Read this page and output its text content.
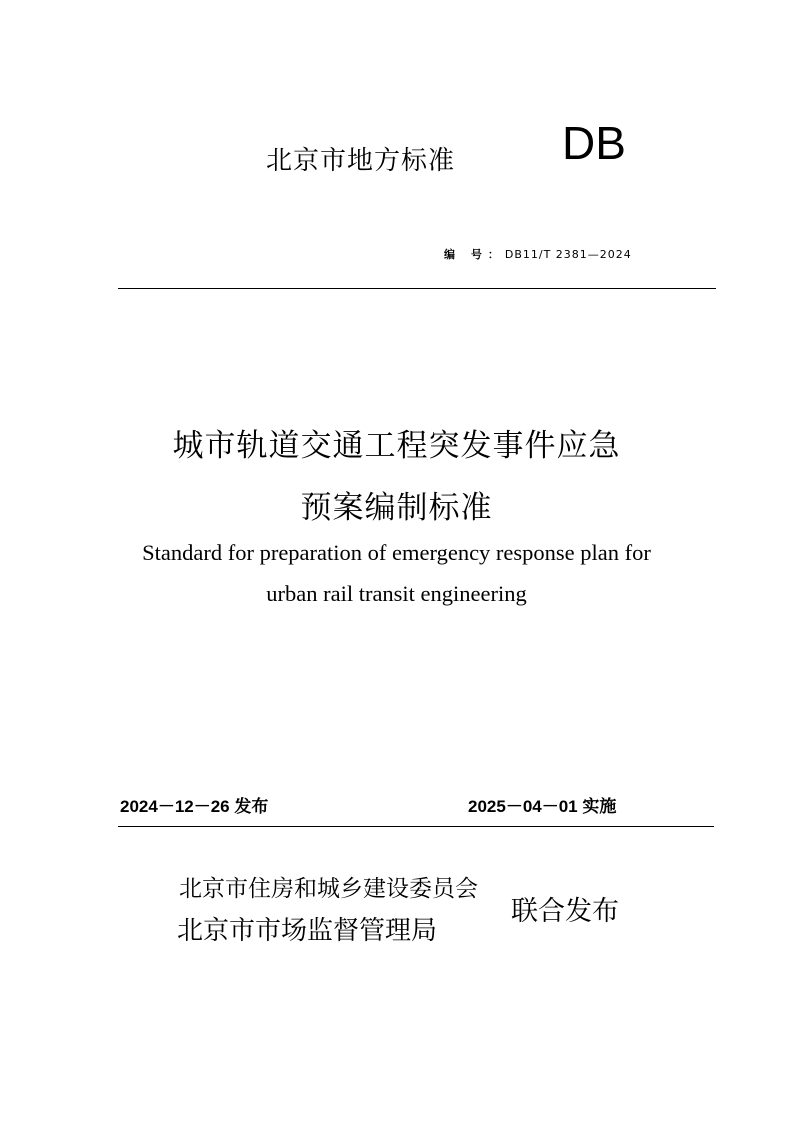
北京市地方标准 DB
编 号：DB11/T 2381—2024
城市轨道交通工程突发事件应急
预案编制标准
Standard for preparation of emergency response plan for
urban rail transit engineering
2024－12－26 发布	2025－04－01 实施
北京市住房和城乡建设委员会
北京市市场监督管理局
联合发布
